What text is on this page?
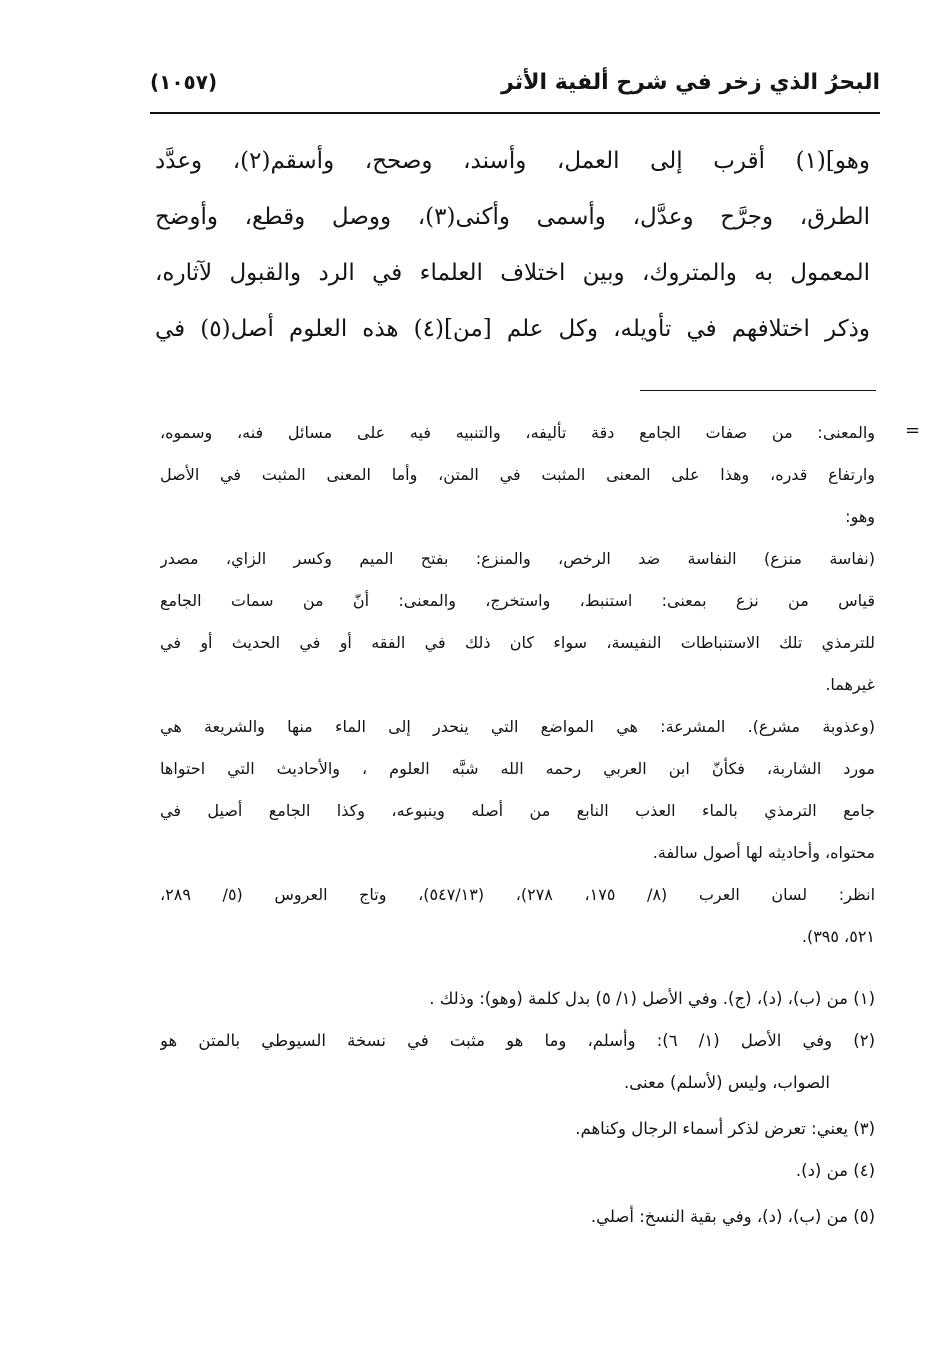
البحرُ الذي زخر في شرح ألفية الأثر
(١٠٥٧)
وهو](١) أقرب إلى العمل، وأسند، وصحح، وأسقم(٢)، وعدَّد
الطرق، وجرَّح وعدَّل، وأسمى وأكنى(٣)، ووصل وقطع، وأوضح
المعمول به والمتروك، وبين اختلاف العلماء في الرد والقبول لآثاره،
وذكر اختلافهم في تأويله، وكل علم [من](٤) هذه العلوم أصل(٥) في
=
والمعنى: من صفات الجامع دقة تأليفه، والتنبيه فيه على مسائل فنه، وسموه،
وارتفاع قدره، وهذا على المعنى المثبت في المتن، وأما المعنى المثبت في الأصل
وهو:
(نفاسة منزع) النفاسة ضد الرخص، والمنزع: بفتح الميم وكسر الزاي، مصدر
قياس من نزع بمعنى: استنبط، واستخرج، والمعنى: أنّ من سمات الجامع
للترمذي تلك الاستنباطات النفيسة، سواء كان ذلك في الفقه أو في الحديث أو في
غيرهما.
(وعذوبة مشرع). المشرعة: هي المواضع التي ينحدر إلى الماء منها والشريعة هي
مورد الشاربة، فكأنّ ابن العربي رحمه الله شبَّه العلوم ، والأحاديث التي احتواها
جامع الترمذي بالماء العذب النابع من أصله وينبوعه، وكذا الجامع أصيل في
محتواه، وأحاديثه لها أصول سالفة.
انظر: لسان العرب (٨/ ١٧٥، ٢٧٨)، (٥٤٧/١٣)، وتاج العروس (٥/ ٢٨٩،
٥٢١، ٣٩٥).
(١) من (ب)، (د)، (ج). وفي الأصل (١/ ٥) بدل كلمة (وهو): وذلك .
(٢) وفي الأصل (١/ ٦): وأسلم، وما هو مثبت في نسخة السيوطي بالمتن هو
الصواب، وليس (لأسلم) معنى.
(٣) يعني: تعرض لذكر أسماء الرجال وكناهم.
(٤) من (د).
(٥) من (ب)، (د)، وفي بقية النسخ: أصلي.
